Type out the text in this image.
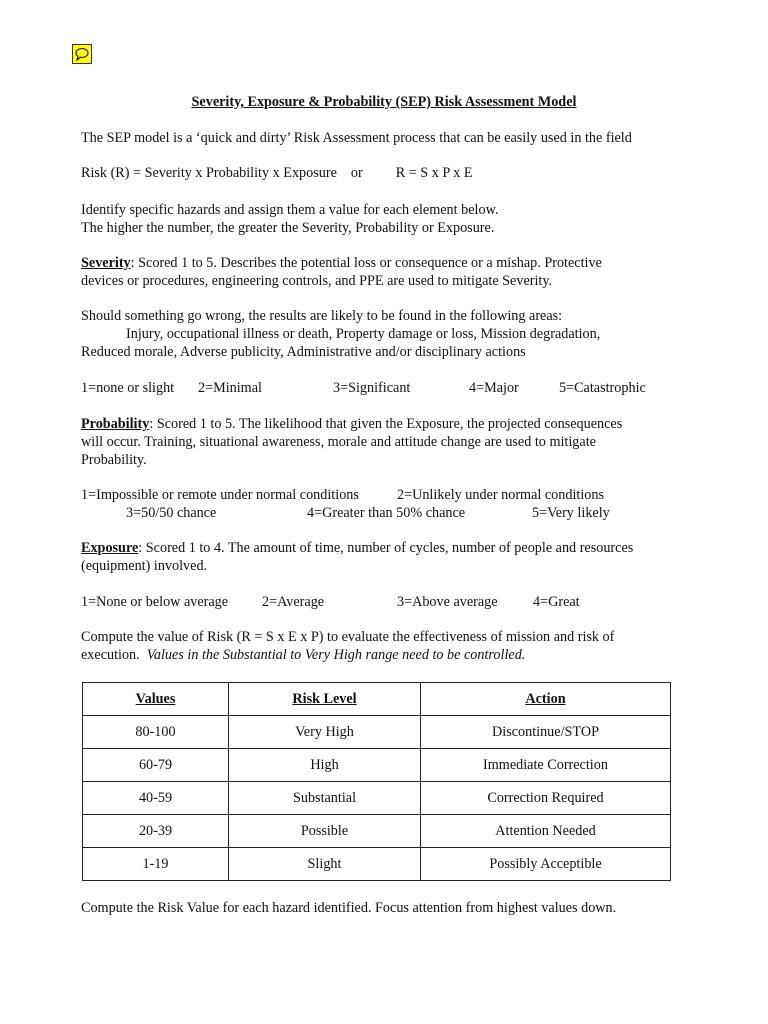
Severity, Exposure & Probability (SEP) Risk Assessment Model
The SEP model is a ‘quick and dirty’ Risk Assessment process that can be easily used in the field
Risk (R) = Severity x Probability x Exposure or R = S x P x E
Identify specific hazards and assign them a value for each element below.
The higher the number, the greater the Severity, Probability or Exposure.
Severity: Scored 1 to 5. Describes the potential loss or consequence or a mishap. Protective
devices or procedures, engineering controls, and PPE are used to mitigate Severity.
Should something go wrong, the results are likely to be found in the following areas:
Injury, occupational illness or death, Property damage or loss, Mission degradation,
Reduced morale, Adverse publicity, Administrative and/or disciplinary actions
1=none or slight 2=Minimal	3=Significant	4=Major	5=Catastrophic
Probability: Scored 1 to 5. The likelihood that given the Exposure, the projected consequences
will occur. Training, situational awareness, morale and attitude change are used to mitigate
Probability.
1=Impossible or remote under normal conditions	2=Unlikely under normal conditions
3=50/50 chance	4=Greater than 50% chance	5=Very likely
Exposure: Scored 1 to 4. The amount of time, number of cycles, number of people and resources
(equipment) involved.
1=None or below average 2=Average	3=Above average 4=Great
Compute the value of Risk (R = S x E x P) to evaluate the effectiveness of mission and risk of
execution. Values in the Substantial to Very High range need to be controlled.
Values	Risk Level	Action
80-100	Very High	Discontinue/STOP
60-79	High	Immediate Correction
40-59	Substantial	Correction Required
20-39	Possible	Attention Needed
1-19	Slight	Possibly Acceptible
Compute the Risk Value for each hazard identified. Focus attention from highest values down.
